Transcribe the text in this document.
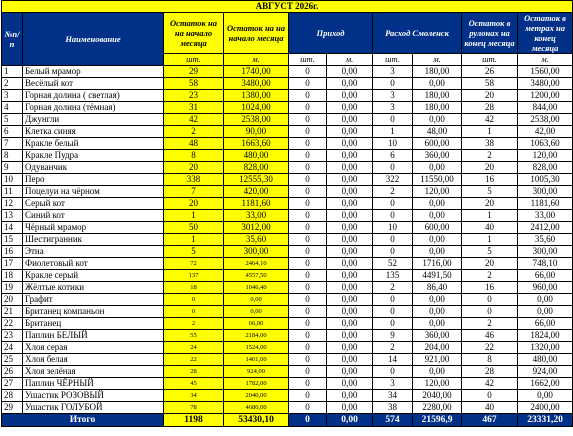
АВГУСТ 2026г.									
№п/ п	Наименование	Остаток на на начало месяца	Остаток на на начало месяца	Приход		Расход Смоленск		Остаток в рулонах на конец месяца	Остаток в метрах на конец месяца
		шт.	м.	шт.	м.	шт.	м.	шт.	м.
1	Белый мрамор	29	1740,00	0	0,00	3	180,00	26	1560,00
2	Весёлый кот	58	3480,00	0	0,00	0	0,00	58	3480,00
3	Горная долина ( светлая)	23	1380,00	0	0,00	3	180,00	20	1200,00
4	Горная долина (тёмная)	31	1024,00	0	0,00	3	180,00	28	844,00
5	Джунгли	42	2538,00	0	0,00	0	0,00	42	2538,00
6	Клетка синяя	2	90,00	0	0,00	1	48,00	1	42,00
7	Кракле белый	48	1663,60	0	0,00	10	600,00	38	1063,60
8	Кракле Пудра	8	480,00	0	0,00	6	360,00	2	120,00
9	Одуванчик	20	828,00	0	0,00	0	0,00	20	828,00
10	Перо	338	12555,30	0	0,00	322	11550,00	16	1005,30
11	Поцелуи на чёрном	7	420,00	0	0,00	2	120,00	5	300,00
12	Серый кот	20	1181,60	0	0,00	0	0,00	20	1181,60
13	Синий кот	1	33,00	0	0,00	0	0,00	1	33,00
14	Чёрный мрамор	50	3012,00	0	0,00	10	600,00	40	2412,00
15	Шестигранник	1	35,60	0	0,00	0	0,00	1	35,60
16	Этна	5	300,00	0	0,00	0	0,00	5	300,00
17	Фиолетовый кот	72	2464,10	0	0,00	52	1716,00	20	748,10
18	Кракле серый	137	4557,50	0	0,00	135	4491,50	2	66,00
19	Жёлтые котики	18	1046,40	0	0,00	2	86,40	16	960,00
20	Графит	0	0,00	0	0,00	0	0,00	0	0,00
21	Британец компаньон	0	0,00	0	0,00	0	0,00	0	0,00
22	Британец	2	66,00	0	0,00	0	0,00	2	66,00
23	Паплин БЕЛЫЙ	55	2184,00	0	0,00	9	360,00	46	1824,00
24	Хлоя серая	24	1524,00	0	0,00	2	204,00	22	1320,00
25	Хлоя белая	22	1401,00	0	0,00	14	921,00	8	480,00
26	Хлоя зелёная	28	924,00	0	0,00	0	0,00	28	924,00
27	Паплин ЧЁРНЫЙ	45	1782,00	0	0,00	3	120,00	42	1662,00
28	Ушастик РОЗОВЫЙ	34	2040,00	0	0,00	34	2040,00	0	0,00
29	Ушастик ГОЛУБОЙ	78	4680,00	0	0,00	38	2280,00	40	2400,00
Итого		1198	53430,10	0	0,00	574	21596,9	467	23331,20
